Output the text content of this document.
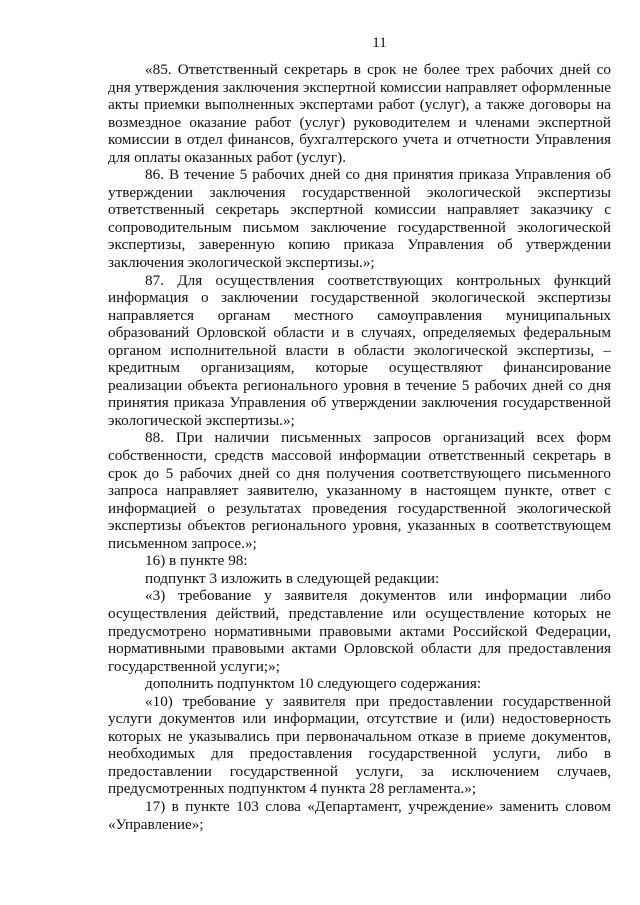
11

«85. Ответственный секретарь в срок не более трех рабочих дней со дня утверждения заключения экспертной комиссии направляет оформленные акты приемки выполненных экспертами работ (услуг), а также договоры на возмездное оказание работ (услуг) руководителем и членами экспертной комиссии в отдел финансов, бухгалтерского учета и отчетности Управления для оплаты оказанных работ (услуг).

86. В течение 5 рабочих дней со дня принятия приказа Управления об утверждении заключения государственной экологической экспертизы ответственный секретарь экспертной комиссии направляет заказчику с сопроводительным письмом заключение государственной экологической экспертизы, заверенную копию приказа Управления об утверждении заключения экологической экспертизы.»;

87. Для осуществления соответствующих контрольных функций информация о заключении государственной экологической экспертизы направляется органам местного самоуправления муниципальных образований Орловской области и в случаях, определяемых федеральным органом исполнительной власти в области экологической экспертизы, – кредитным организациям, которые осуществляют финансирование реализации объекта регионального уровня в течение 5 рабочих дней со дня принятия приказа Управления об утверждении заключения государственной экологической экспертизы.»;

88. При наличии письменных запросов организаций всех форм собственности, средств массовой информации ответственный секретарь в срок до 5 рабочих дней со дня получения соответствующего письменного запроса направляет заявителю, указанному в настоящем пункте, ответ с информацией о результатах проведения государственной экологической экспертизы объектов регионального уровня, указанных в соответствующем письменном запросе.»;

16) в пункте 98:

подпункт 3 изложить в следующей редакции:

«3) требование у заявителя документов или информации либо осуществления действий, представление или осуществление которых не предусмотрено нормативными правовыми актами Российской Федерации, нормативными правовыми актами Орловской области для предоставления государственной услуги;»;

дополнить подпунктом 10 следующего содержания:

«10) требование у заявителя при предоставлении государственной услуги документов или информации, отсутствие и (или) недостоверность которых не указывались при первоначальном отказе в приеме документов, необходимых для предоставления государственной услуги, либо в предоставлении государственной услуги, за исключением случаев, предусмотренных подпунктом 4 пункта 28 регламента.»;

17) в пункте 103 слова «Департамент, учреждение» заменить словом «Управление»;
